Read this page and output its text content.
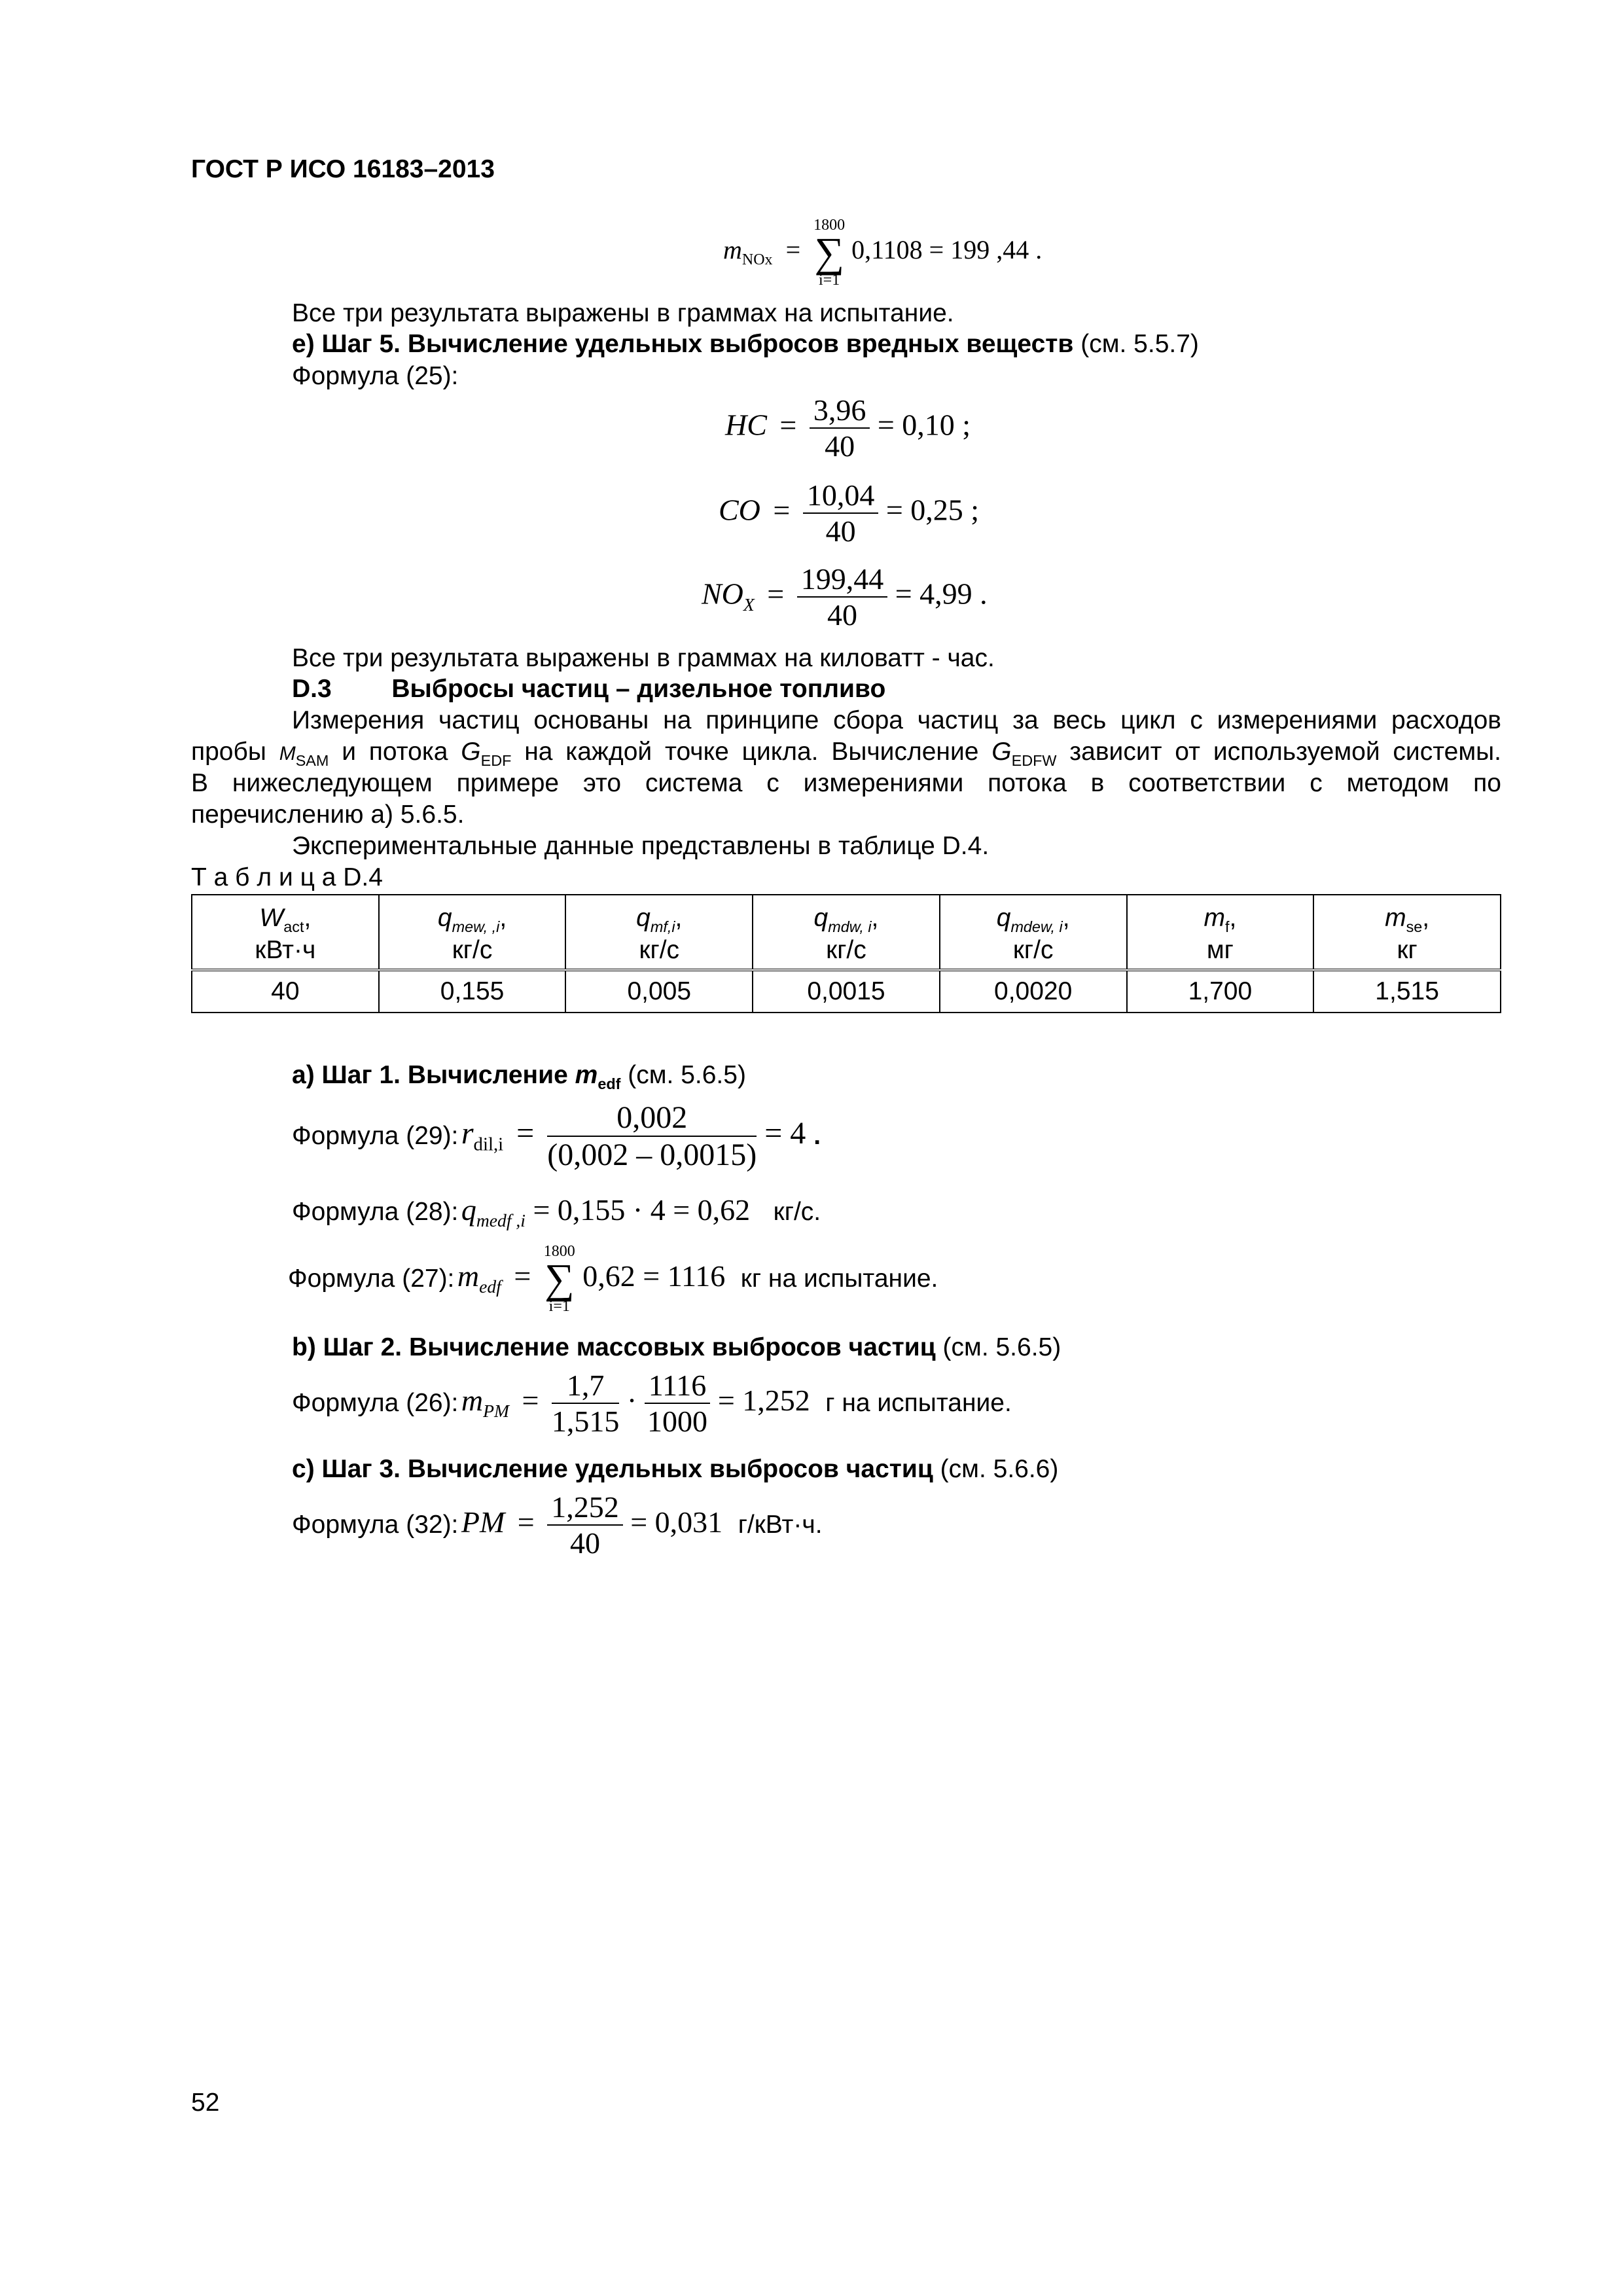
ГОСТ Р ИСО 16183–2013
$m_{NOx}$ =
1800
∑
i=1
0,1108 = 199 ,44 .
Все три результата выражены в граммах на испытание.
е) Шаг 5. Вычисление удельных выбросов вредных веществ (см. 5.5.7)
Формула (25):
HC = $\frac{3,96}{40} = 0,10$ ;
CO = $\frac{10,04}{40} = 0,25$ ;
$NO_X = \frac{199,44}{40} = 4,99$ .
Все три результата выражены в граммах на киловатт - час.
D.3 Выбросы частиц – дизельное топливо
Измерения частиц основаны на принципе сбора частиц за весь цикл с измерениями расходов
пробы $M_{SAM}$ и потока $G_{EDF}$ на каждой точке цикла. Вычисление $G_{EDFW}$ зависит от используемой системы.
В нижеследующем примере это система с измерениями потока в соответствии с методом по
перечислению а) 5.6.5.
Экспериментальные данные представлены в таблице D.4.
Т а б л и ц а D.4
$W_{act}$,	$q_{mew, ,i}$,	$q_{mf,i}$,	$q_{mdw, i}$,	$q_{mdew, i}$,	$m_f$,	$m_{se}$,
кВт·ч	кг/с	кг/с	кг/с	кг/с	мг	кг
40	0,155	0,005	0,0015	0,0020	1,700	1,515
а) Шаг 1. Вычисление $m_{edf}$ (см. 5.6.5)
Формула (29): $r_{dil,i} = \frac{0,002}{(0,002 - 0,0015)} = 4$ .
Формула (28): $q_{medf ,i} = 0,155 \cdot 4 = 0,62$ кг/с.
Формула (27): $m_{edf}$ =
1800
∑
i=1
0,62 = 1116 кг на испытание.
b) Шаг 2. Вычисление массовых выбросов частиц (см. 5.6.5)
Формула (26): $m_{PM} = \frac{1,7}{1,515} \cdot \frac{1116}{1000} = 1,252$ г на испытание.
c) Шаг 3. Вычисление удельных выбросов частиц (см. 5.6.6)
Формула (32): PM = $\frac{1,252}{40} = 0,031$ г/кВт·ч.
52
